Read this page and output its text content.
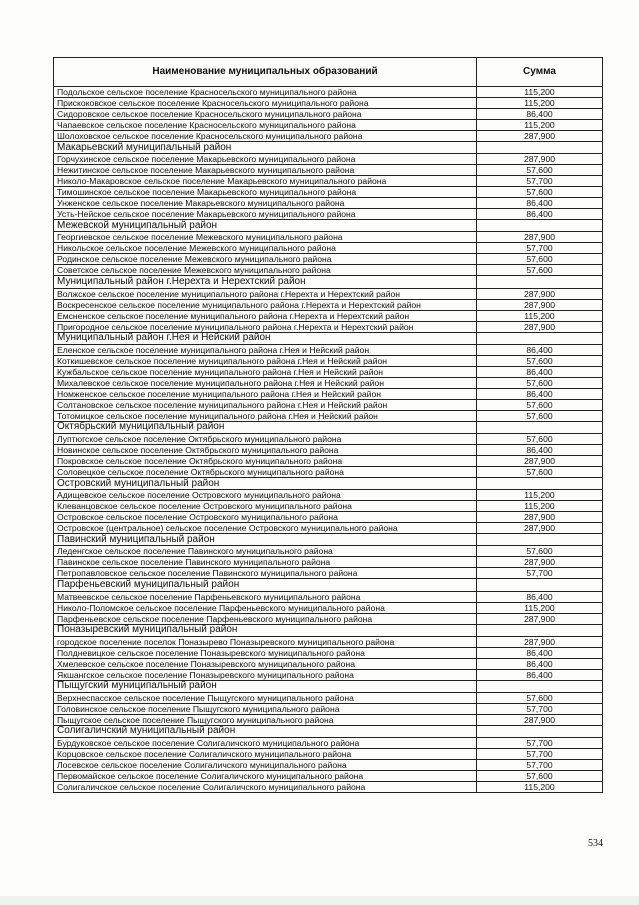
Наименование муниципальных образований	Сумма
Подольское сельское поселение Красносельского муниципального района	115,200
Прискоковское сельское поселение Красносельского муниципального района	115,200
Сидоровское сельское поселение Красносельского муниципального района	86,400
Чапаевское сельское поселение Красносельского муниципального района	115,200
Шолоховское сельское поселение Красносельского муниципального района	287,900
Макарьевский муниципальный район	
Горчухинское сельское поселение Макарьевского муниципального района	287,900
Нежитинское сельское поселение Макарьевского муниципального района	57,600
Николо-Макаровское сельское поселение Макарьевского муниципального района	57,700
Тимошинское сельское поселение Макарьевского муниципального района	57,600
Унженское сельское поселение Макарьевского муниципального района	86,400
Усть-Нейское сельское поселение Макарьевского муниципального района	86,400
Межевской муниципальный район	
Георгиевское сельское поселение Межевского муниципального района	287,900
Никольское сельское поселение Межевского муниципального района	57,700
Родинское сельское поселение Межевского муниципального района	57,600
Советское сельское поселение Межевского муниципального района	57,600
Муниципальный район г.Нерехта и Нерехтский район	
Волжское сельское поселение муниципального района г.Нерехта и Нерехтский район	287,900
Воскресенское сельское поселение муниципального района г.Нерехта и Нерехтский район	287,900
Емсненское сельское поселение муниципального района г.Нерехта и Нерехтский район	115,200
Пригородное сельское поселение муниципального района г.Нерехта и Нерехтский район	287,900
Муниципальный район г.Нея и Нейский район	
Еленское сельское поселение муниципального района г.Нея и Нейский район	86,400
Коткишевское сельское поселение муниципального района г.Нея и Нейский район	57,600
Кужбальское сельское поселение муниципального района г.Нея и Нейский район	86,400
Михалевское сельское поселение муниципального района г.Нея и Нейский район	57,600
Номженское сельское поселение муниципального района г.Нея и Нейский район	86,400
Солтановское сельское поселение муниципального района г.Нея и Нейский район	57,600
Тотомицкое сельское поселение муниципального района г.Нея и Нейский район	57,600
Октябрьский муниципальный район	
Луптюгское сельское поселение Октябрьского муниципального района	57,600
Новинское сельское поселение Октябрьского муниципального района	86,400
Покровское сельское поселение Октябрьского муниципального района	287,900
Соловецкое сельское поселение Октябрьского муниципального района	57,600
Островский муниципальный район	
Адищевское сельское поселение Островского муниципального района	115,200
Клеванцовское сельское поселение Островского муниципального района	115,200
Островское сельское поселение Островского муниципального района	287,900
Островское (центральное) сельское поселение Островского муниципального района	287,900
Павинский муниципальный район	
Леденгское сельское поселение Павинского муниципального района	57,600
Павинское сельское поселение Павинского муниципального района	287,900
Петропавловское сельское поселение Павинского муниципального района	57,700
Парфеньевский муниципальный район	
Матвеевское сельское поселение Парфеньевского муниципального района	86,400
Николо-Поломское сельское поселение Парфеньевского муниципального района	115,200
Парфеньевское сельское поселение Парфеньевского муниципального района	287,900
Поназыревский муниципальный район	
городское поселение поселок Поназырево Поназыревского муниципального района	287,900
Полдневицкое сельское поселение Поназыревского муниципального района	86,400
Хмелевское сельское поселение Поназыревского муниципального района	86,400
Якшангское сельское поселение Поназыревского муниципального района	86,400
Пыщугский муниципальный район	
Верхнеспасское сельское поселение Пыщугского муниципального района	57,600
Головинское сельское поселение Пыщугского муниципального района	57,700
Пыщугское сельское поселение Пыщугского муниципального района	287,900
Солигаличский муниципальный район	
Бурдуковское сельское поселение Солигаличского муниципального района	57,700
Корцовское сельское поселение Солигаличского муниципального района	57,700
Лосевское сельское поселение Солигаличского муниципального района	57,700
Первомайское сельское поселение Солигаличского муниципального района	57,600
Солигаличское сельское поселение Солигаличского муниципального района	115,200
534
